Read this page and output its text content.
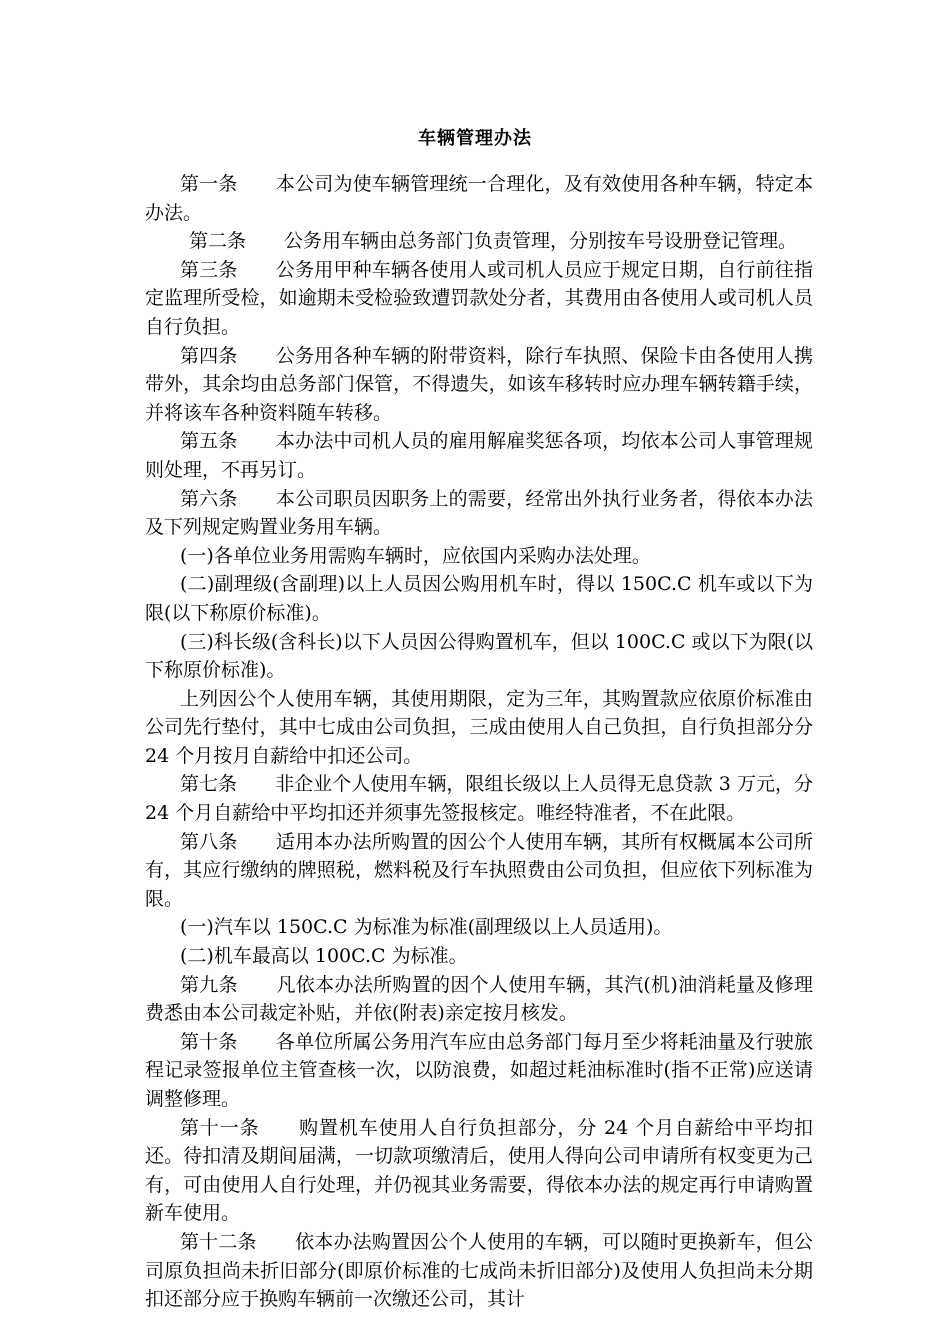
车辆管理办法

第一条　　本公司为使车辆管理统一合理化，及有效使用各种车辆，特定本办法。

第二条　　公务用车辆由总务部门负责管理，分别按车号设册登记管理。

第三条　　公务用甲种车辆各使用人或司机人员应于规定日期，自行前往指定监理所受检，如逾期未受检验致遭罚款处分者，其费用由各使用人或司机人员自行负担。

第四条　　公务用各种车辆的附带资料，除行车执照、保险卡由各使用人携带外，其余均由总务部门保管，不得遗失，如该车移转时应办理车辆转籍手续，并将该车各种资料随车转移。

第五条　　本办法中司机人员的雇用解雇奖惩各项，均依本公司人事管理规则处理，不再另订。

第六条　　本公司职员因职务上的需要，经常出外执行业务者，得依本办法及下列规定购置业务用车辆。

(一)各单位业务用需购车辆时，应依国内采购办法处理。

(二)副理级(含副理)以上人员因公购用机车时，得以 150C.C 机车或以下为限(以下称原价标准)。

(三)科长级(含科长)以下人员因公得购置机车，但以 100C.C 或以下为限(以下称原价标准)。

上列因公个人使用车辆，其使用期限，定为三年，其购置款应依原价标准由公司先行垫付，其中七成由公司负担，三成由使用人自己负担，自行负担部分分 24 个月按月自薪给中扣还公司。

第七条　　非企业个人使用车辆，限组长级以上人员得无息贷款 3 万元，分 24 个月自薪给中平均扣还并须事先签报核定。唯经特准者，不在此限。

第八条　　适用本办法所购置的因公个人使用车辆，其所有权概属本公司所有，其应行缴纳的牌照税，燃料税及行车执照费由公司负担，但应依下列标准为限。

(一)汽车以 150C.C 为标准为标准(副理级以上人员适用)。

(二)机车最高以 100C.C 为标准。

第九条　　凡依本办法所购置的因个人使用车辆，其汽(机)油消耗量及修理费悉由本公司裁定补贴，并依(附表)亲定按月核发。

第十条　　各单位所属公务用汽车应由总务部门每月至少将耗油量及行驶旅程记录签报单位主管查核一次，以防浪费，如超过耗油标准时(指不正常)应送请调整修理。

第十一条　　购置机车使用人自行负担部分，分 24 个月自薪给中平均扣还。待扣清及期间届满，一切款项缴清后，使用人得向公司申请所有权变更为己有，可由使用人自行处理，并仍视其业务需要，得依本办法的规定再行申请购置新车使用。

第十二条　　依本办法购置因公个人使用的车辆，可以随时更换新车，但公司原负担尚未折旧部分(即原价标准的七成尚未折旧部分)及使用人负担尚未分期扣还部分应于换购车辆前一次缴还公司，其计
